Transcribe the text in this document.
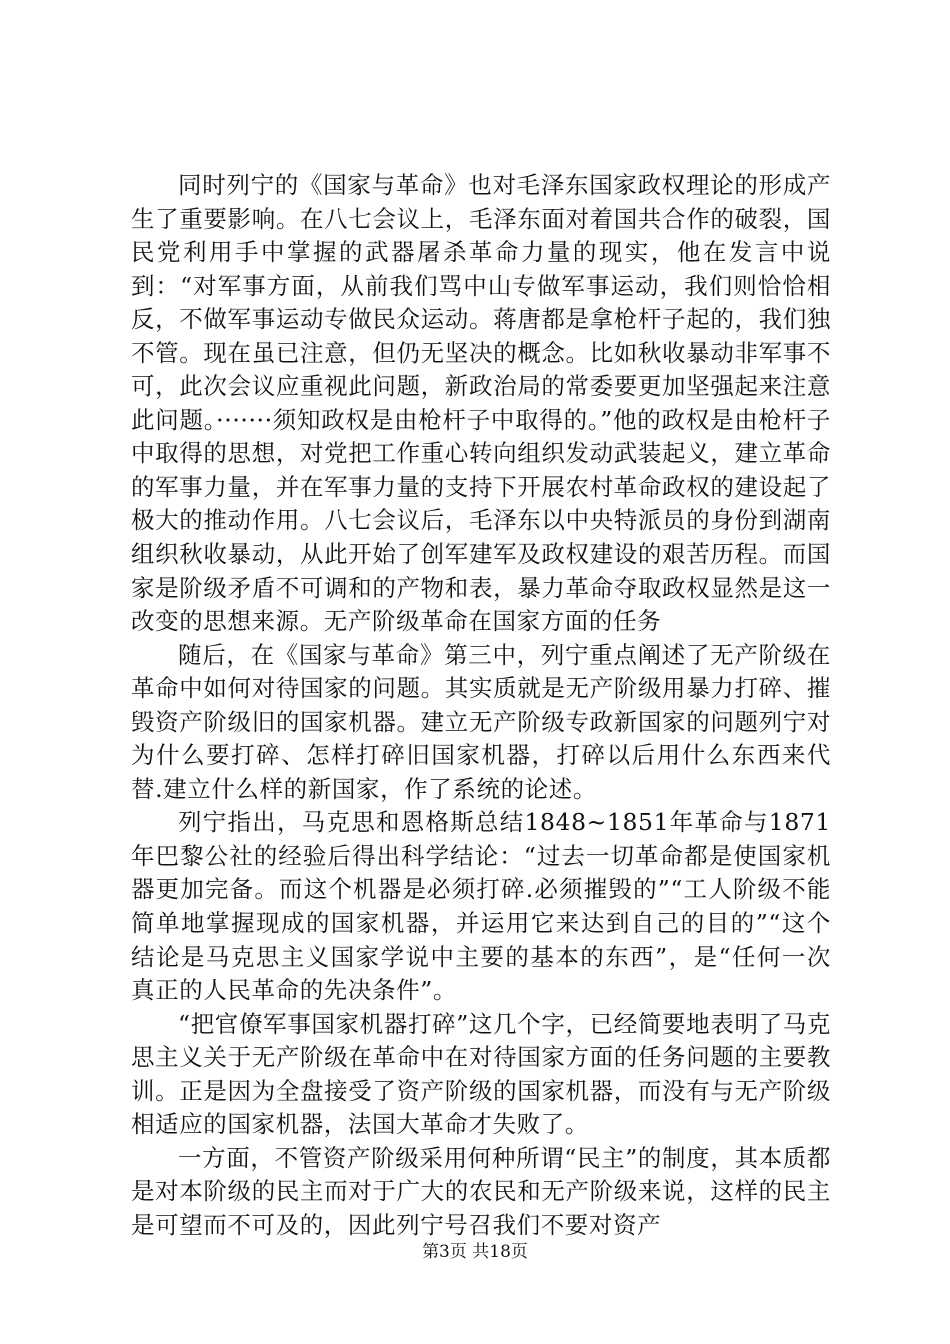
同时列宁的《国家与革命》也对毛泽东国家政权理论的形成产生了重要影响。在八七会议上，毛泽东面对着国共合作的破裂，国民党利用手中掌握的武器屠杀革命力量的现实，他在发言中说到：“对军事方面，从前我们骂中山专做军事运动，我们则恰恰相反，不做军事运动专做民众运动。蒋唐都是拿枪杆子起的，我们独不管。现在虽已注意，但仍无坚决的概念。比如秋收暴动非军事不可，此次会议应重视此问题，新政治局的常委要更加坚强起来注意此问题。·······须知政权是由枪杆子中取得的。”他的政权是由枪杆子中取得的思想，对党把工作重心转向组织发动武装起义，建立革命的军事力量，并在军事力量的支持下开展农村革命政权的建设起了极大的推动作用。八七会议后，毛泽东以中央特派员的身份到湖南组织秋收暴动，从此开始了创军建军及政权建设的艰苦历程。而国家是阶级矛盾不可调和的产物和表，暴力革命夺取政权显然是这一改变的思想来源。无产阶级革命在国家方面的任务

随后，在《国家与革命》第三中，列宁重点阐述了无产阶级在革命中如何对待国家的问题。其实质就是无产阶级用暴力打碎、摧毁资产阶级旧的国家机器。建立无产阶级专政新国家的问题列宁对为什么要打碎、怎样打碎旧国家机器，打碎以后用什么东西来代替.建立什么样的新国家，作了系统的论述。

列宁指出，马克思和恩格斯总结1848~1851年革命与1871年巴黎公社的经验后得出科学结论：“过去一切革命都是使国家机器更加完备。而这个机器是必须打碎.必须摧毁的”“工人阶级不能简单地掌握现成的国家机器，并运用它来达到自己的目的”“这个结论是马克思主义国家学说中主要的基本的东西”，是“任何一次真正的人民革命的先决条件”。

“把官僚军事国家机器打碎”这几个字，已经简要地表明了马克思主义关于无产阶级在革命中在对待国家方面的任务问题的主要教训。正是因为全盘接受了资产阶级的国家机器，而没有与无产阶级相适应的国家机器，法国大革命才失败了。

一方面，不管资产阶级采用何种所谓“民主”的制度，其本质都是对本阶级的民主而对于广大的农民和无产阶级来说，这样的民主是可望而不可及的，因此列宁号召我们不要对资产

第3页 共18页
